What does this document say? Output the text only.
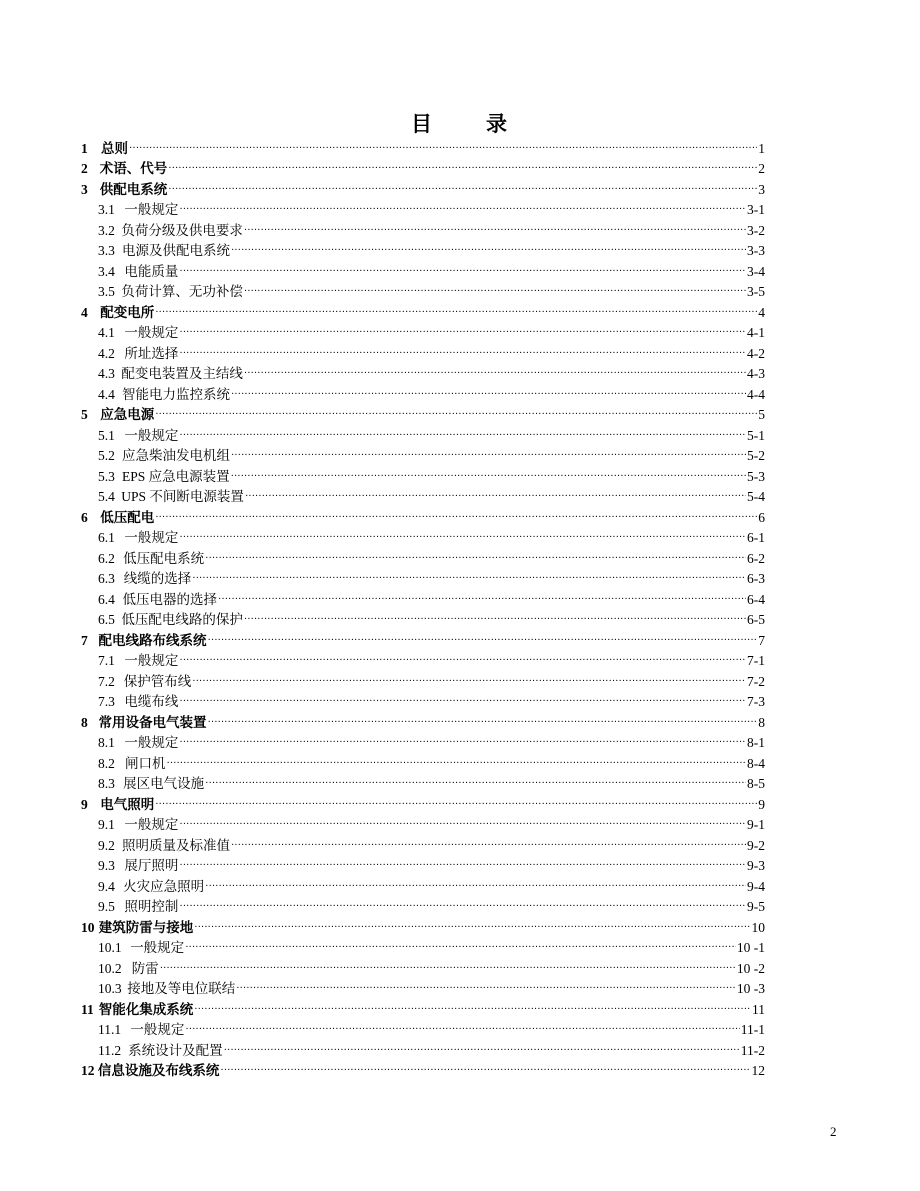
目 录
1 总则 ·····	1
2 术语、代号 ·····	2
3 供配电系统 ·····	3
3.1 一般规定 ·····	3-1
3.2 负荷分级及供电要求 ·····	3-2
3.3 电源及供配电系统 ·····	3-3
3.4 电能质量 ·····	3-4
3.5 负荷计算、无功补偿 ·····	3-5
4 配变电所 ·····	4
4.1 一般规定 ·····	4-1
4.2 所址选择 ·····	4-2
4.3 配变电装置及主结线 ·····	4-3
4.4 智能电力监控系统 ·····	4-4
5 应急电源 ·····	5
5.1 一般规定 ·····	5-1
5.2 应急柴油发电机组 ·····	5-2
5.3 EPS 应急电源装置 ·····	5-3
5.4 UPS 不间断电源装置 ·····	5-4
6 低压配电 ·····	6
6.1 一般规定 ·····	6-1
6.2 低压配电系统 ·····	6-2
6.3 线缆的选择 ·····	6-3
6.4 低压电器的选择 ·····	6-4
6.5 低压配电线路的保护 ·····	6-5
7 配电线路布线系统 ·····	7
7.1 一般规定 ·····	7-1
7.2 保护管布线 ·····	7-2
7.3 电缆布线 ·····	7-3
8 常用设备电气装置 ·····	8
8.1 一般规定 ·····	8-1
8.2 闸口机 ·····	8-4
8.3 展区电气设施 ·····	8-5
9 电气照明 ·····	9
9.1 一般规定 ·····	9-1
9.2 照明质量及标准值 ·····	9-2
9.3 展厅照明 ·····	9-3
9.4 火灾应急照明 ·····	9-4
9.5 照明控制 ·····	9-5
10 建筑防雷与接地 ·····	10
10.1 一般规定 ·····	10 -1
10.2 防雷 ·····	10 -2
10.3 接地及等电位联结 ·····	10 -3
11 智能化集成系统 ·····	11
11.1 一般规定 ·····	11-1
11.2 系统设计及配置 ·····	11-2
12 信息设施及布线系统 ·····	12
2
